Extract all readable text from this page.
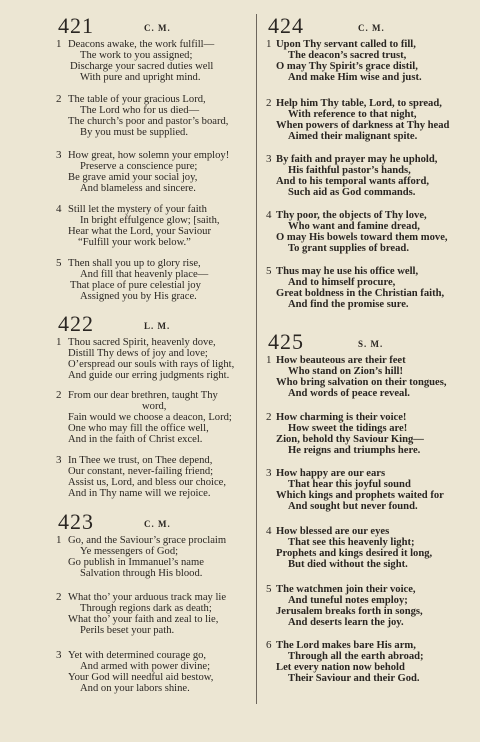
421	C. M.
1 Deacons awake, the work fulfill—
The work to you assigned;
Discharge your sacred duties well
With pure and upright mind.
2 The table of your gracious Lord,
The Lord who for us died—
The church’s poor and pastor’s board,
By you must be supplied.
3 How great, how solemn your employ!
Preserve a conscience pure;
Be grave amid your social joy,
And blameless and sincere.
4 Still let the mystery of your faith
In bright effulgence glow; [saith,
Hear what the Lord, your Saviour
“Fulfill your work below.”
5 Then shall you up to glory rise,
And fill that heavenly place—
That place of pure celestial joy
Assigned you by His grace.
422	L. M.
1 Thou sacred Spirit, heavenly dove,
Distill Thy dews of joy and love;
O’erspread our souls with rays of light,
And guide our erring judgments right.
2 From our dear brethren, taught Thy
word,
Fain would we choose a deacon, Lord;
One who may fill the office well,
And in the faith of Christ excel.
3 In Thee we trust, on Thee depend,
Our constant, never-failing friend;
Assist us, Lord, and bless our choice,
And in Thy name will we rejoice.
423	C. M.
1 Go, and the Saviour’s grace proclaim
Ye messengers of God;
Go publish in Immanuel’s name
Salvation through His blood.
2 What tho’ your arduous track may lie
Through regions dark as death;
What tho’ your faith and zeal to lie,
Perils beset your path.
3 Yet with determined courage go,
And armed with power divine;
Your God will needful aid bestow,
And on your labors shine.
424	C. M.
1 Upon Thy servant called to fill,
The deacon’s sacred trust,
O may Thy Spirit’s grace distil,
And make Him wise and just.
2 Help him Thy table, Lord, to spread,
With reference to that night,
When powers of darkness at Thy head
Aimed their malignant spite.
3 By faith and prayer may he uphold,
His faithful pastor’s hands,
And to his temporal wants afford,
Such aid as God commands.
4 Thy poor, the objects of Thy love,
Who want and famine dread,
O may His bowels toward them move,
To grant supplies of bread.
5 Thus may he use his office well,
And to himself procure,
Great boldness in the Christian faith,
And find the promise sure.
425	S. M.
1 How beauteous are their feet
Who stand on Zion’s hill!
Who bring salvation on their tongues,
And words of peace reveal.
2 How charming is their voice!
How sweet the tidings are!
Zion, behold thy Saviour King—
He reigns and triumphs here.
3 How happy are our ears
That hear this joyful sound
Which kings and prophets waited for
And sought but never found.
4 How blessed are our eyes
That see this heavenly light;
Prophets and kings desired it long,
But died without the sight.
5 The watchmen join their voice,
And tuneful notes employ;
Jerusalem breaks forth in songs,
And deserts learn the joy.
6 The Lord makes bare His arm,
Through all the earth abroad;
Let every nation now behold
Their Saviour and their God.
